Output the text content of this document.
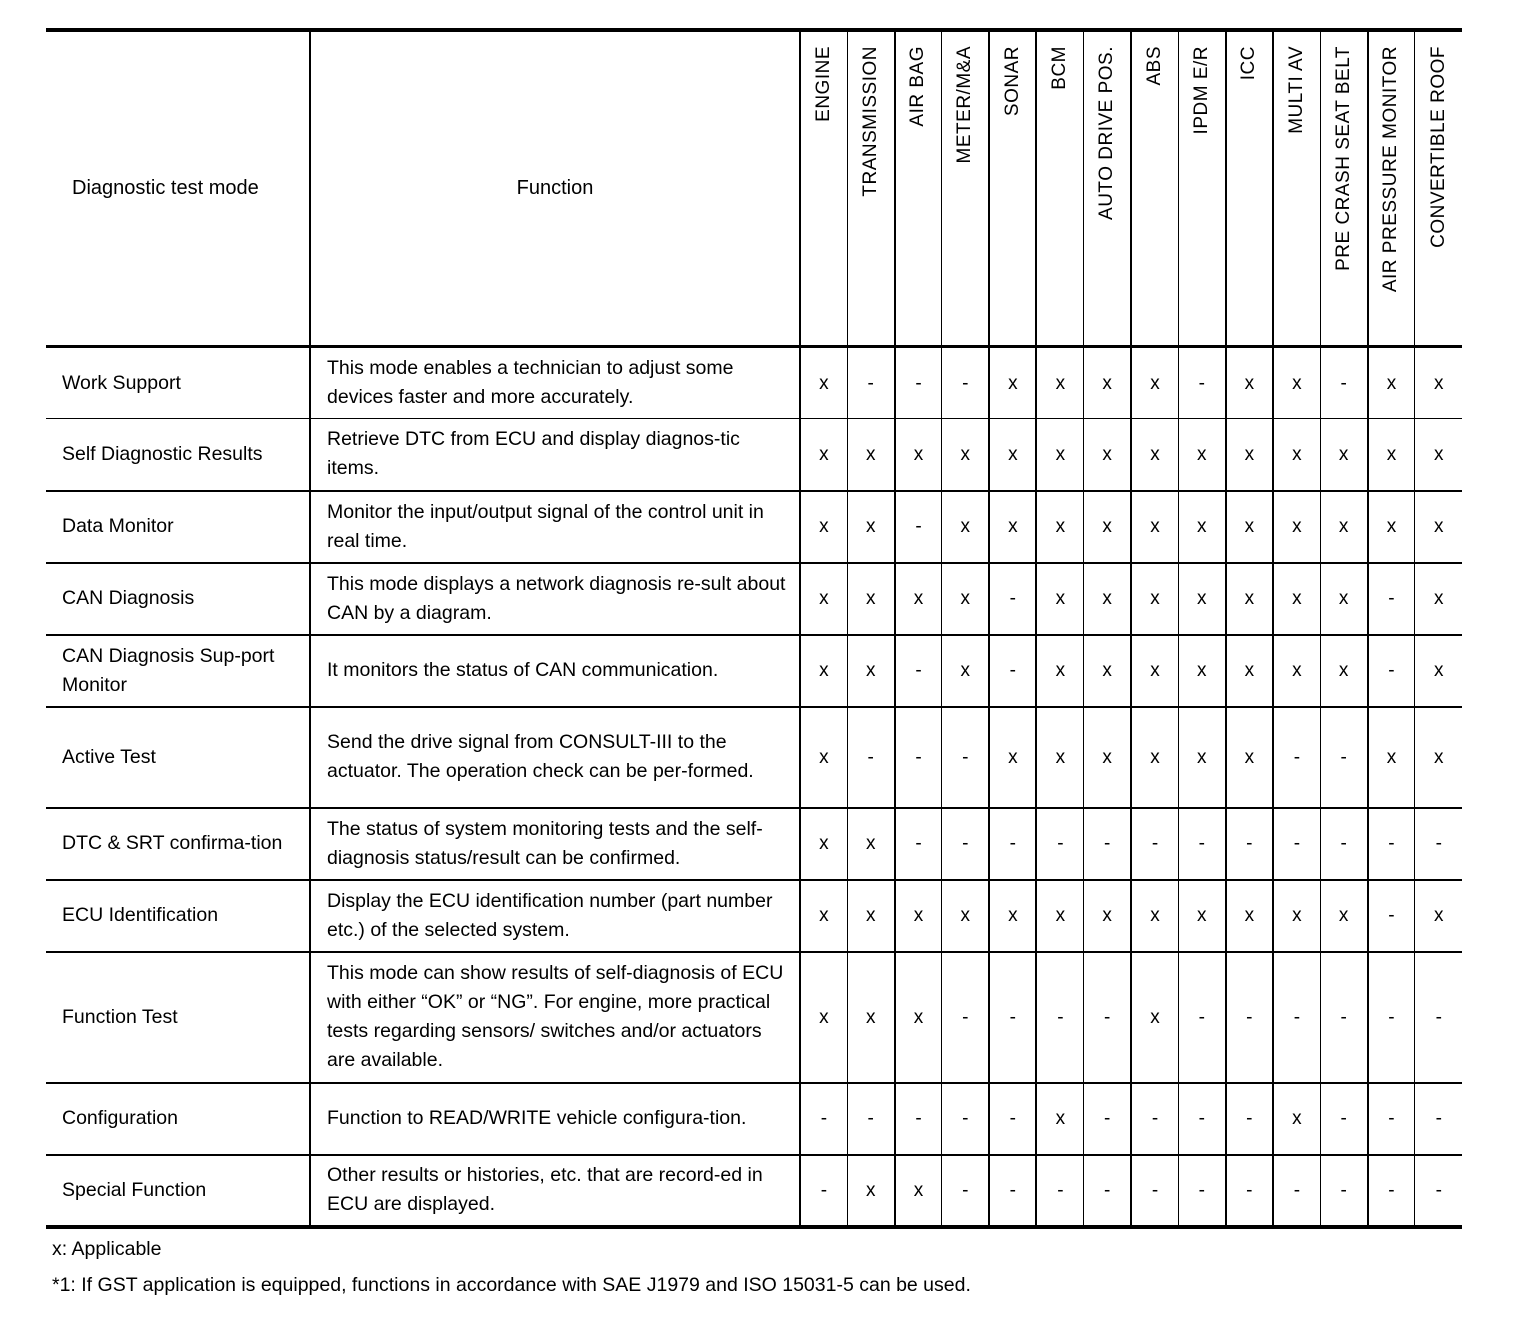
Diagnostic test mode	Function	ENGINE	TRANSMISSION	AIR BAG	METER/M&A	SONAR	BCM	AUTO DRIVE POS.	ABS	IPDM E/R	ICC	MULTI AV	PRE CRASH SEAT BELT	AIR PRESSURE MONITOR	CONVERTIBLE ROOF

Work Support	This mode enables a technician to adjust some devices faster and more accurately.	x	-	-	-	x	x	x	x	-	x	x	-	x	x
Self Diagnostic Results	Retrieve DTC from ECU and display diagnos-tic items.	x	x	x	x	x	x	x	x	x	x	x	x	x	x
Data Monitor	Monitor the input/output signal of the control unit in real time.	x	x	-	x	x	x	x	x	x	x	x	x	x	x
CAN Diagnosis	This mode displays a network diagnosis re-sult about CAN by a diagram.	x	x	x	x	-	x	x	x	x	x	x	x	-	x
CAN Diagnosis Sup-port Monitor	It monitors the status of CAN communication.	x	x	-	x	-	x	x	x	x	x	x	x	-	x
Active Test	Send the drive signal from CONSULT-III to the actuator. The operation check can be per-formed.	x	-	-	-	x	x	x	x	x	x	-	-	x	x
DTC & SRT confirma-tion	The status of system monitoring tests and the self-diagnosis status/result can be confirmed.	x	x	-	-	-	-	-	-	-	-	-	-	-	-
ECU Identification	Display the ECU identification number (part number etc.) of the selected system.	x	x	x	x	x	x	x	x	x	x	x	x	-	x
Function Test	This mode can show results of self-diagnosis of ECU with either “OK” or “NG”. For engine, more practical tests regarding sensors/ switches and/or actuators are available.	x	x	x	-	-	-	-	x	-	-	-	-	-	-
Configuration	Function to READ/WRITE vehicle configura-tion.	-	-	-	-	-	x	-	-	-	-	x	-	-	-
Special Function	Other results or histories, etc. that are record-ed in ECU are displayed.	-	x	x	-	-	-	-	-	-	-	-	-	-	-
x: Applicable
*1: If GST application is equipped, functions in accordance with SAE J1979 and ISO 15031-5 can be used.
